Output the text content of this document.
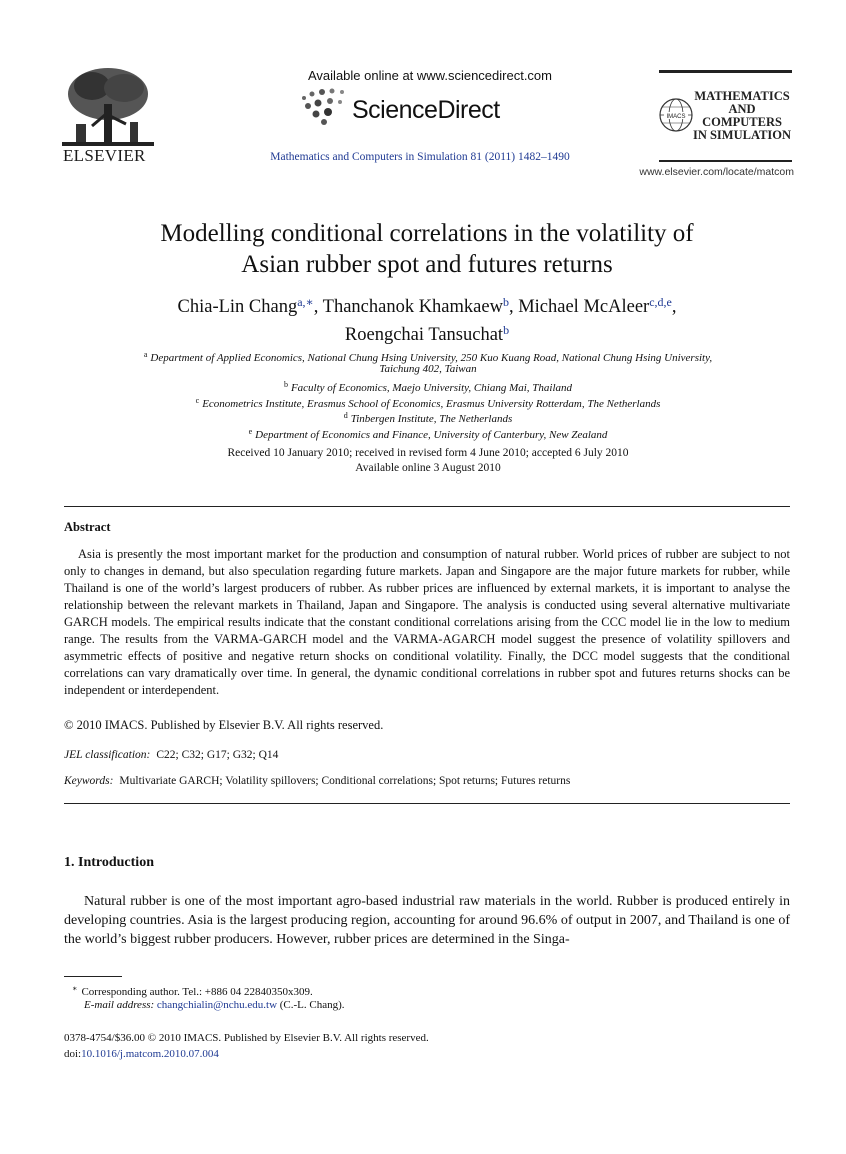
ELSEVIER
Available online at www.sciencedirect.com
ScienceDirect
Mathematics and Computers in Simulation 81 (2011) 1482–1490
IMACS
MATHEMATICS
AND
COMPUTERS
IN SIMULATION
www.elsevier.com/locate/matcom
Modelling conditional correlations in the volatility of
Asian rubber spot and futures returns
Chia-Lin Chang$^{a,∗}$, Thanchanok Khamkaew$^b$, Michael McAleer$^{c,d,e}$,
Roengchai Tansuchat$^b$
$^a$ Department of Applied Economics, National Chung Hsing University, 250 Kuo Kuang Road, National Chung Hsing University,
Taichung 402, Taiwan
$^b$ Faculty of Economics, Maejo University, Chiang Mai, Thailand
$^c$ Econometrics Institute, Erasmus School of Economics, Erasmus University Rotterdam, The Netherlands
$^d$ Tinbergen Institute, The Netherlands
$^e$ Department of Economics and Finance, University of Canterbury, New Zealand
Received 10 January 2010; received in revised form 4 June 2010; accepted 6 July 2010
Available online 3 August 2010
Abstract
Asia is presently the most important market for the production and consumption of natural rubber. World prices of rubber are subject to not only to changes in demand, but also speculation regarding future markets. Japan and Singapore are the major future markets for rubber, while Thailand is one of the world’s largest producers of rubber. As rubber prices are influenced by external markets, it is important to analyse the relationship between the relevant markets in Thailand, Japan and Singapore. The analysis is conducted using several alternative multivariate GARCH models. The empirical results indicate that the constant conditional correlations arising from the CCC model lie in the low to medium range. The results from the VARMA-GARCH model and the VARMA-AGARCH model suggest the presence of volatility spillovers and asymmetric effects of positive and negative return shocks on conditional volatility. Finally, the DCC model suggests that the conditional correlations can vary dramatically over time. In general, the dynamic conditional correlations in rubber spot and futures returns shocks can be independent or interdependent.
© 2010 IMACS. Published by Elsevier B.V. All rights reserved.
JEL classification: C22; C32; G17; G32; Q14
Keywords: Multivariate GARCH; Volatility spillovers; Conditional correlations; Spot returns; Futures returns
1. Introduction
Natural rubber is one of the most important agro-based industrial raw materials in the world. Rubber is produced entirely in developing countries. Asia is the largest producing region, accounting for around 96.6% of output in 2007, and Thailand is one of the world’s biggest rubber producers. However, rubber prices are determined in the Singa-
∗ Corresponding author. Tel.: +886 04 22840350x309.
E-mail address: changchialin@nchu.edu.tw (C.-L. Chang).
0378-4754/$36.00 © 2010 IMACS. Published by Elsevier B.V. All rights reserved.
doi:10.1016/j.matcom.2010.07.004
